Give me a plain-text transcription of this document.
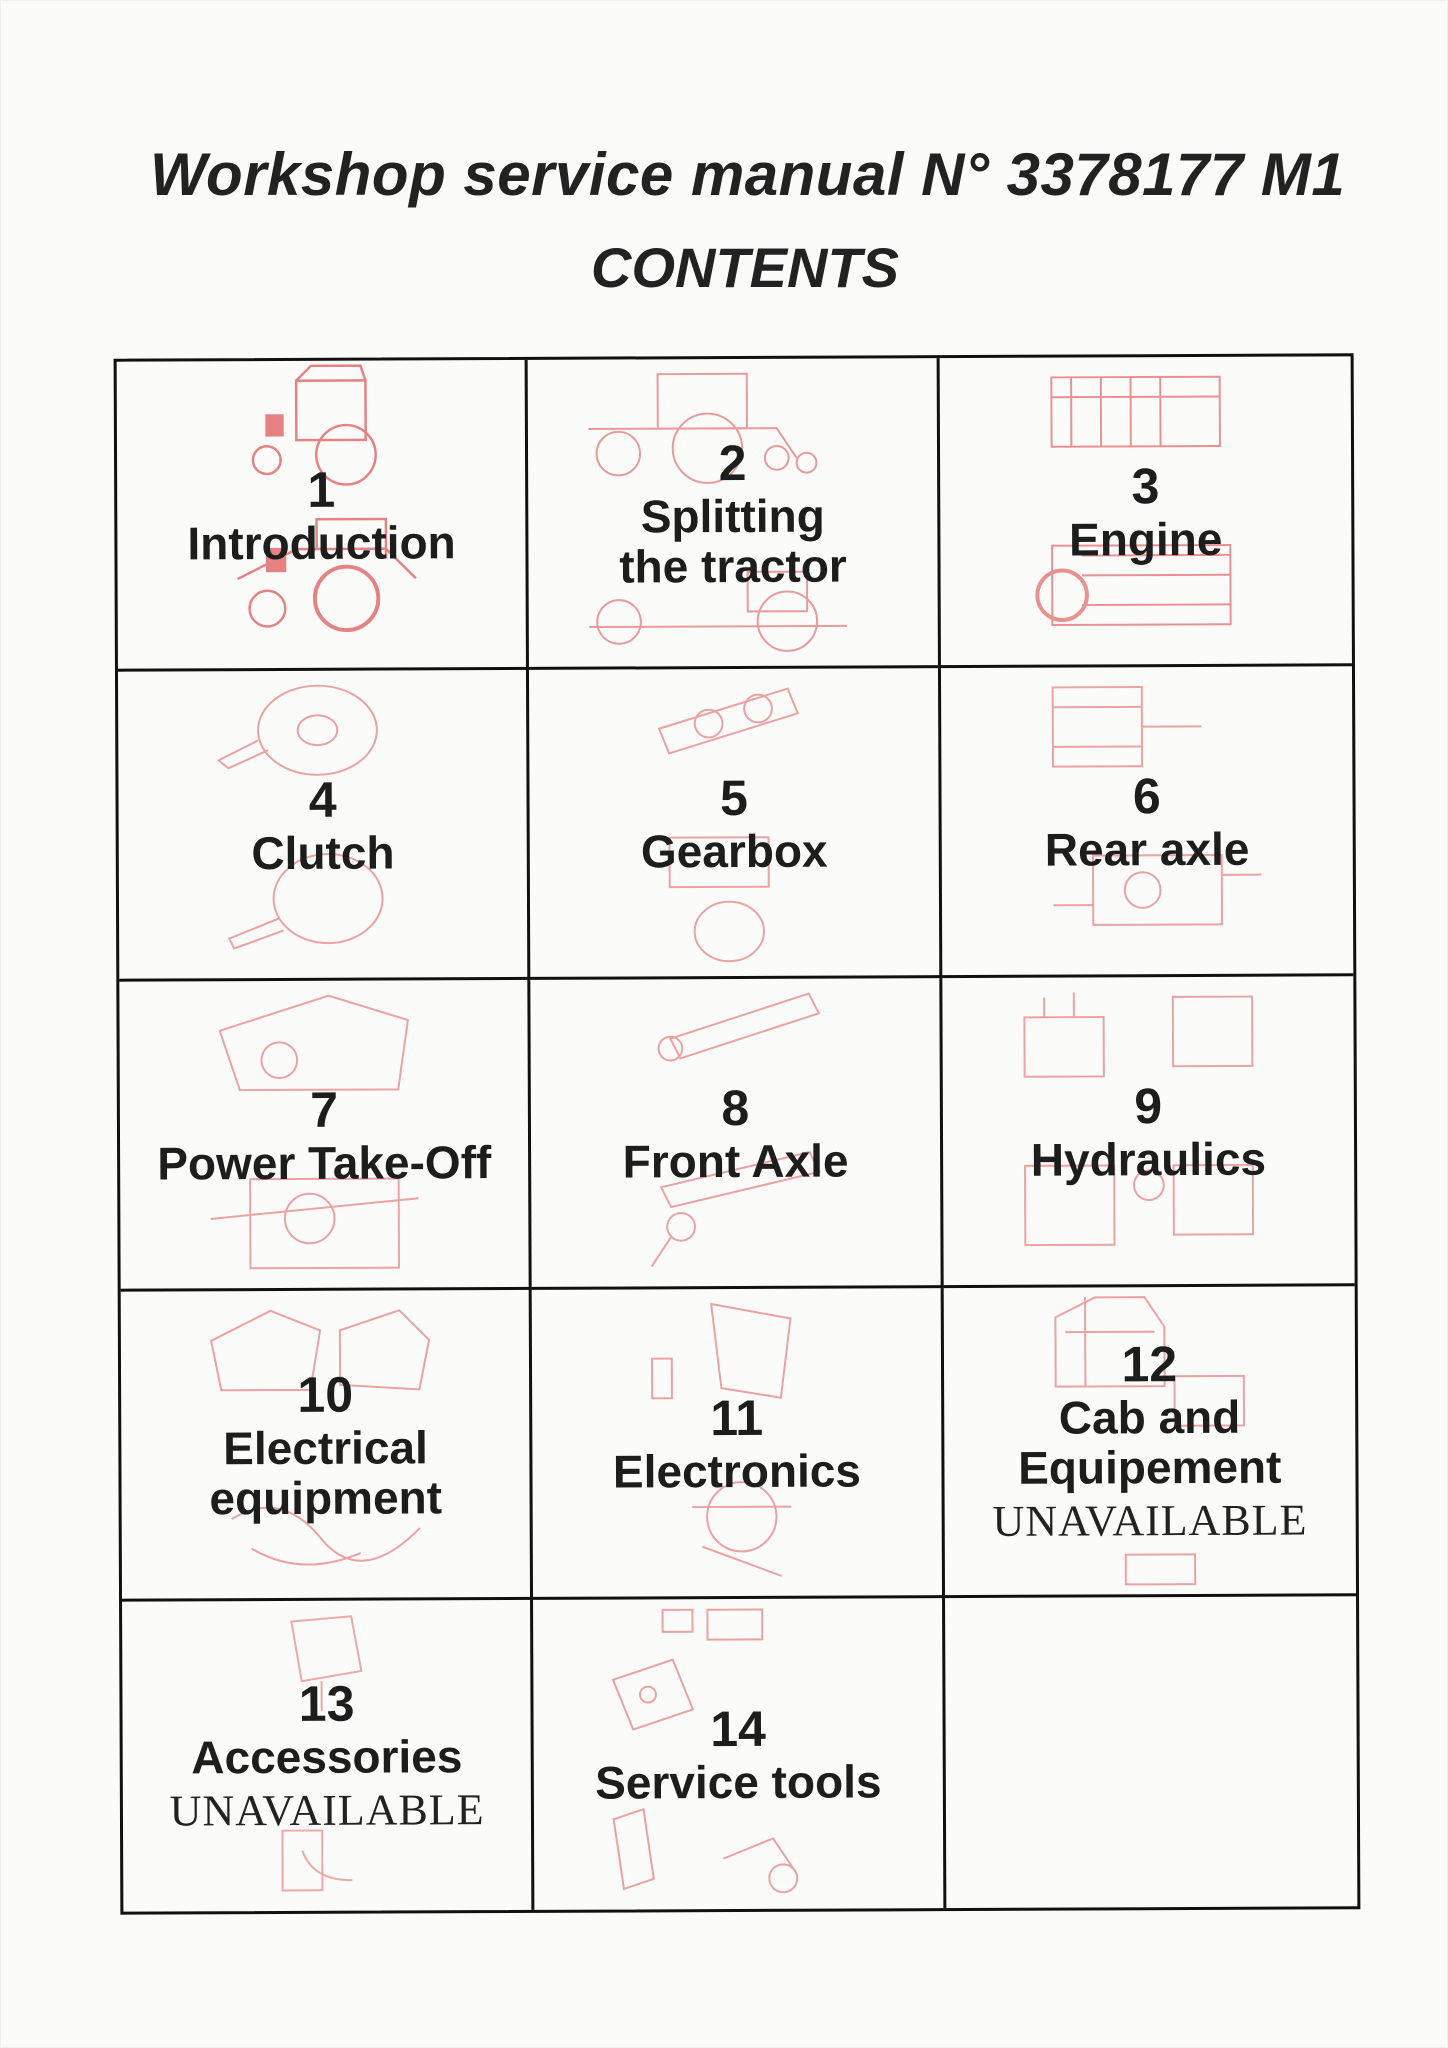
Workshop service manual N° 3378177 M1
CONTENTS
1
Introduction
2
Splitting
the tractor
3
Engine
4
Clutch
5
Gearbox
6
Rear axle
7
Power Take-Off
8
Front Axle
9
Hydraulics
10
Electrical
equipment
11
Electronics
12
Cab and
Equipement
UNAVAILABLE
13
Accessories
UNAVAILABLE
14
Service tools
